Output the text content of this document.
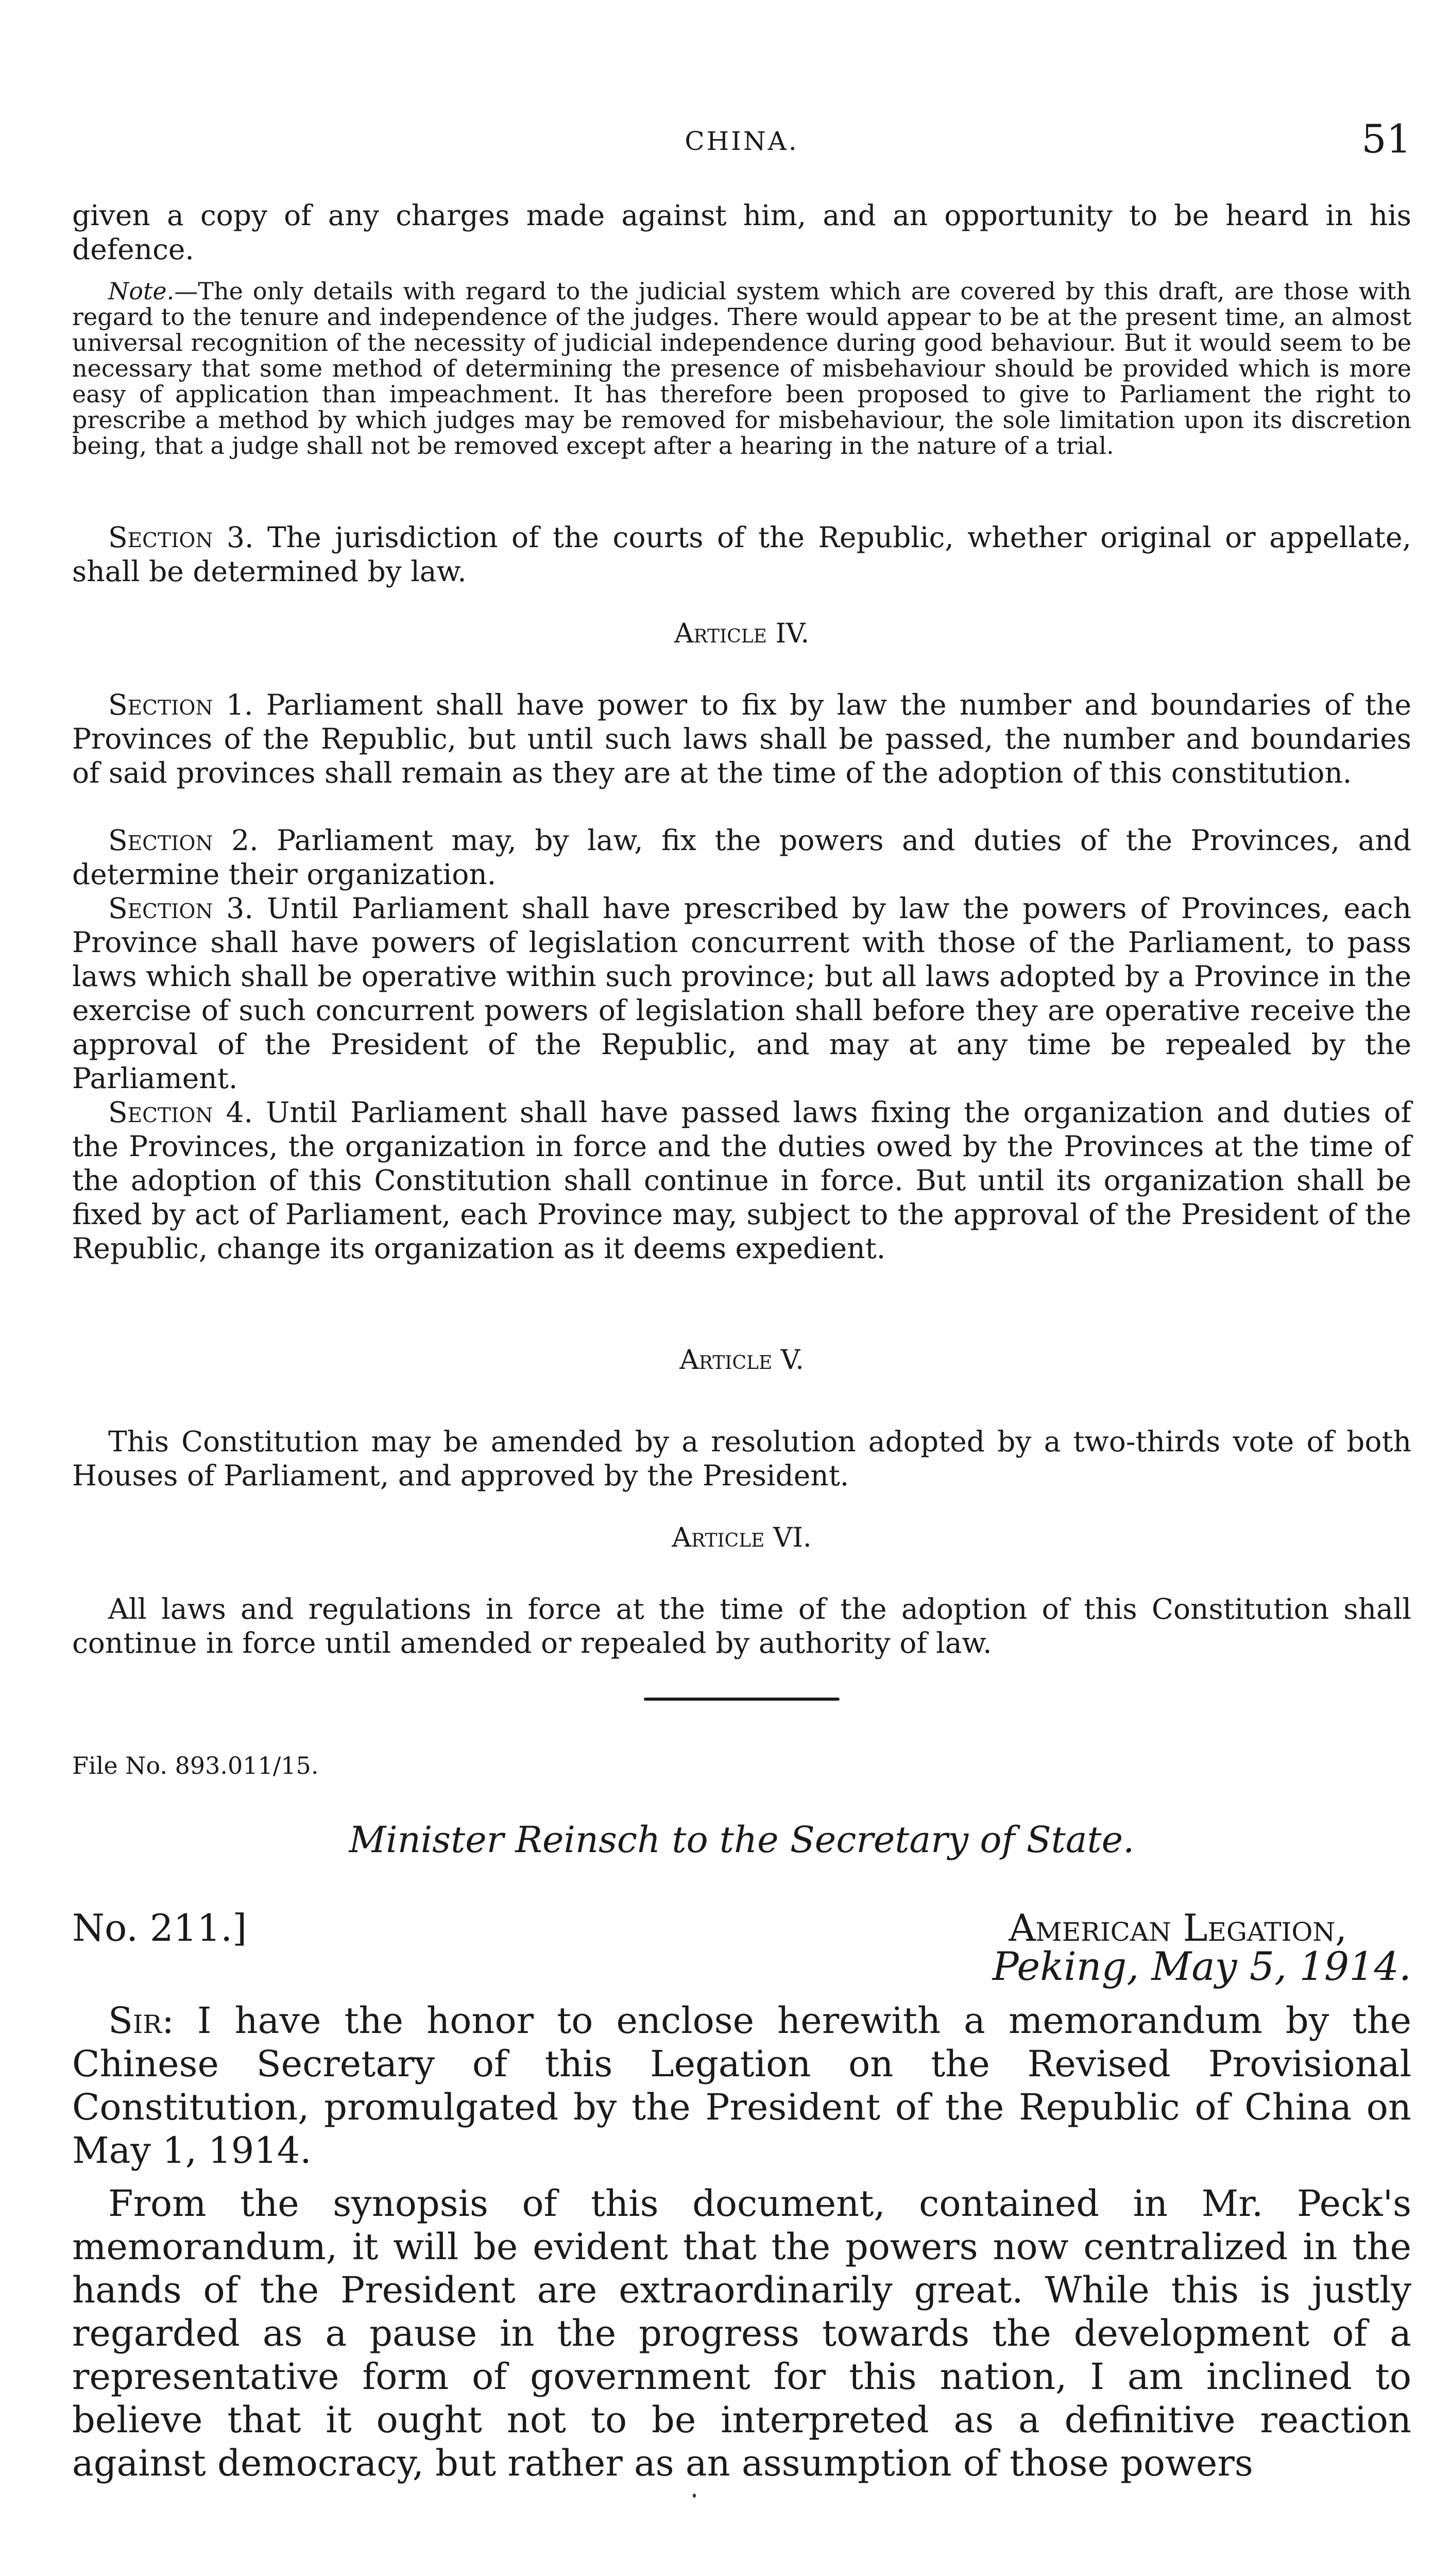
CHINA.	51

given a copy of any charges made against him, and an opportunity to be heard in his defence.

Note.—The only details with regard to the judicial system which are covered by this draft, are those with regard to the tenure and independence of the judges. There would appear to be at the present time, an almost universal recognition of the necessity of judicial independence during good behaviour. But it would seem to be necessary that some method of determining the presence of misbehaviour should be provided which is more easy of application than impeachment. It has therefore been proposed to give to Parliament the right to prescribe a method by which judges may be removed for misbehaviour, the sole limitation upon its discretion being, that a judge shall not be removed except after a hearing in the nature of a trial.

Section 3. The jurisdiction of the courts of the Republic, whether original or appellate, shall be determined by law.

Article IV.

Section 1. Parliament shall have power to fix by law the number and boundaries of the Provinces of the Republic, but until such laws shall be passed, the number and boundaries of said provinces shall remain as they are at the time of the adoption of this constitution.

Section 2. Parliament may, by law, fix the powers and duties of the Provinces, and determine their organization.

Section 3. Until Parliament shall have prescribed by law the powers of Provinces, each Province shall have powers of legislation concurrent with those of the Parliament, to pass laws which shall be operative within such province; but all laws adopted by a Province in the exercise of such concurrent powers of legislation shall before they are operative receive the approval of the President of the Republic, and may at any time be repealed by the Parliament.

Section 4. Until Parliament shall have passed laws fixing the organization and duties of the Provinces, the organization in force and the duties owed by the Provinces at the time of the adoption of this Constitution shall continue in force. But until its organization shall be fixed by act of Parliament, each Province may, subject to the approval of the President of the Republic, change its organization as it deems expedient.

Article V.

This Constitution may be amended by a resolution adopted by a two-thirds vote of both Houses of Parliament, and approved by the President.

Article VI.

All laws and regulations in force at the time of the adoption of this Constitution shall continue in force until amended or repealed by authority of law.

File No. 893.011/15.
Minister Reinsch to the Secretary of State.
No. 211.]	American Legation,
Peking, May 5, 1914.

Sir: I have the honor to enclose herewith a memorandum by the Chinese Secretary of this Legation on the Revised Provisional Constitution, promulgated by the President of the Republic of China on May 1, 1914.

From the synopsis of this document, contained in Mr. Peck's memorandum, it will be evident that the powers now centralized in the hands of the President are extraordinarily great. While this is justly regarded as a pause in the progress towards the development of a representative form of government for this nation, I am inclined to believe that it ought not to be interpreted as a definitive reaction against democracy, but rather as an assumption of those powers
